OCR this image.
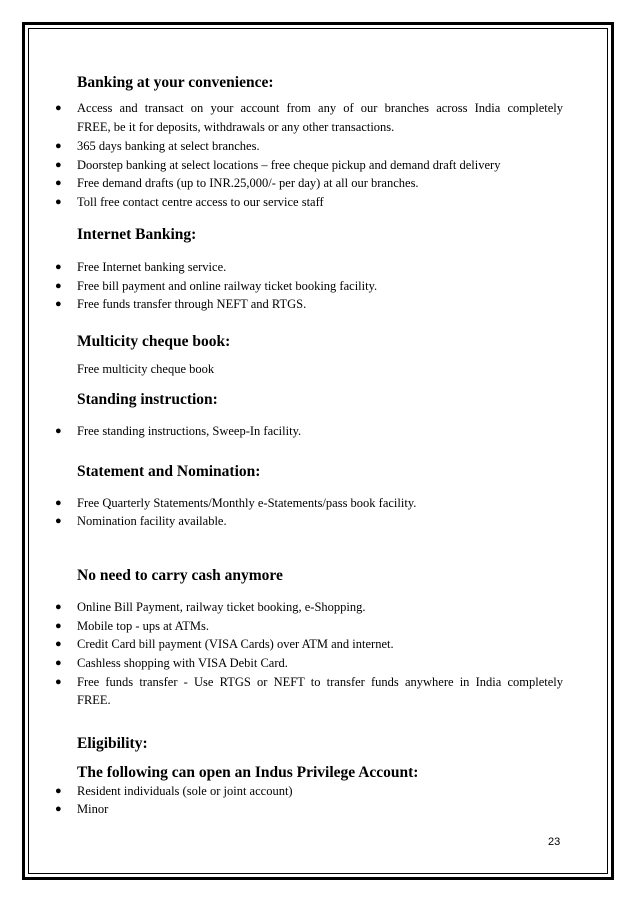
Banking at your convenience:
● Access and transact on your account from any of our branches across India completely
FREE, be it for deposits, withdrawals or any other transactions.
● 365 days banking at select branches.
● Doorstep banking at select locations – free cheque pickup and demand draft delivery
● Free demand drafts (up to INR.25,000/- per day) at all our branches.
● Toll free contact centre access to our service staff
Internet Banking:
● Free Internet banking service.
● Free bill payment and online railway ticket booking facility.
● Free funds transfer through NEFT and RTGS.
Multicity cheque book:
Free multicity cheque book
Standing instruction:
● Free standing instructions, Sweep-In facility.
Statement and Nomination:
● Free Quarterly Statements/Monthly e-Statements/pass book facility.
● Nomination facility available.
No need to carry cash anymore
● Online Bill Payment, railway ticket booking, e-Shopping.
● Mobile top - ups at ATMs.
● Credit Card bill payment (VISA Cards) over ATM and internet.
● Cashless shopping with VISA Debit Card.
● Free funds transfer - Use RTGS or NEFT to transfer funds anywhere in India completely
FREE.
Eligibility:
The following can open an Indus Privilege Account:
● Resident individuals (sole or joint account)
● Minor
23
